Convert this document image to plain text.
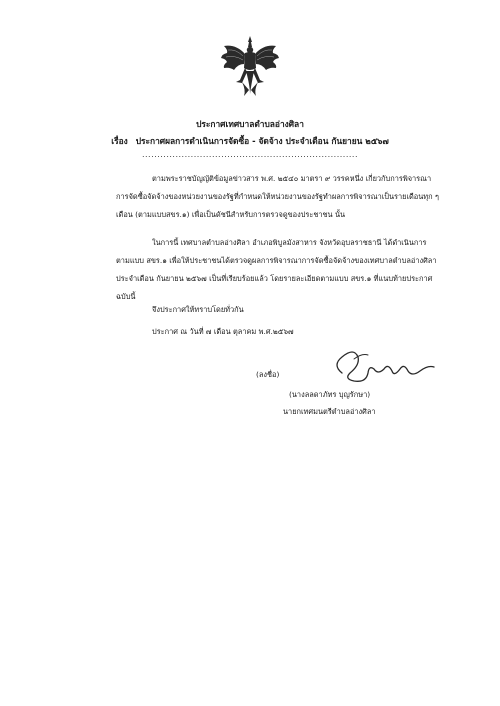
ประกาศเทศบาลตำบลอ่างศิลา
เรื่อง ประกาศผลการดำเนินการจัดซื้อ - จัดจ้าง ประจำเดือน กันยายน ๒๕๖๗
.......................................................................
ตามพระราชบัญญัติข้อมูลข่าวสาร พ.ศ. ๒๕๔๐ มาตรา ๙ วรรคหนึ่ง เกี่ยวกับการพิจารณา
การจัดซื้อจัดจ้างของหน่วยงานของรัฐที่กำหนดให้หน่วยงานของรัฐทำผลการพิจารณาเป็นรายเดือนทุก ๆ
เดือน (ตามแบบสขร.๑) เพื่อเป็นดัชนีสำหรับการตรวจดูของประชาชน นั้น
ในการนี้ เทศบาลตำบลอ่างศิลา อำเภอพิบูลมังสาหาร จังหวัดอุบลราชธานี ได้ดำเนินการ
ตามแบบ สขร.๑ เพื่อให้ประชาชนได้ตรวจดูผลการพิจารณาการจัดซื้อจัดจ้างของเทศบาลตำบลอ่างศิลา
ประจำเดือน กันยายน ๒๕๖๗ เป็นที่เรียบร้อยแล้ว โดยรายละเอียดตามแบบ สขร.๑ ที่แนบท้ายประกาศ
ฉบับนี้
จึงประกาศให้ทราบโดยทั่วกัน
ประกาศ ณ วันที่ ๗ เดือน ตุลาคม พ.ศ.๒๕๖๗
(ลงชื่อ)
(นางลลดาภัทร บุญรักษา)
นายกเทศมนตรีตำบลอ่างศิลา
